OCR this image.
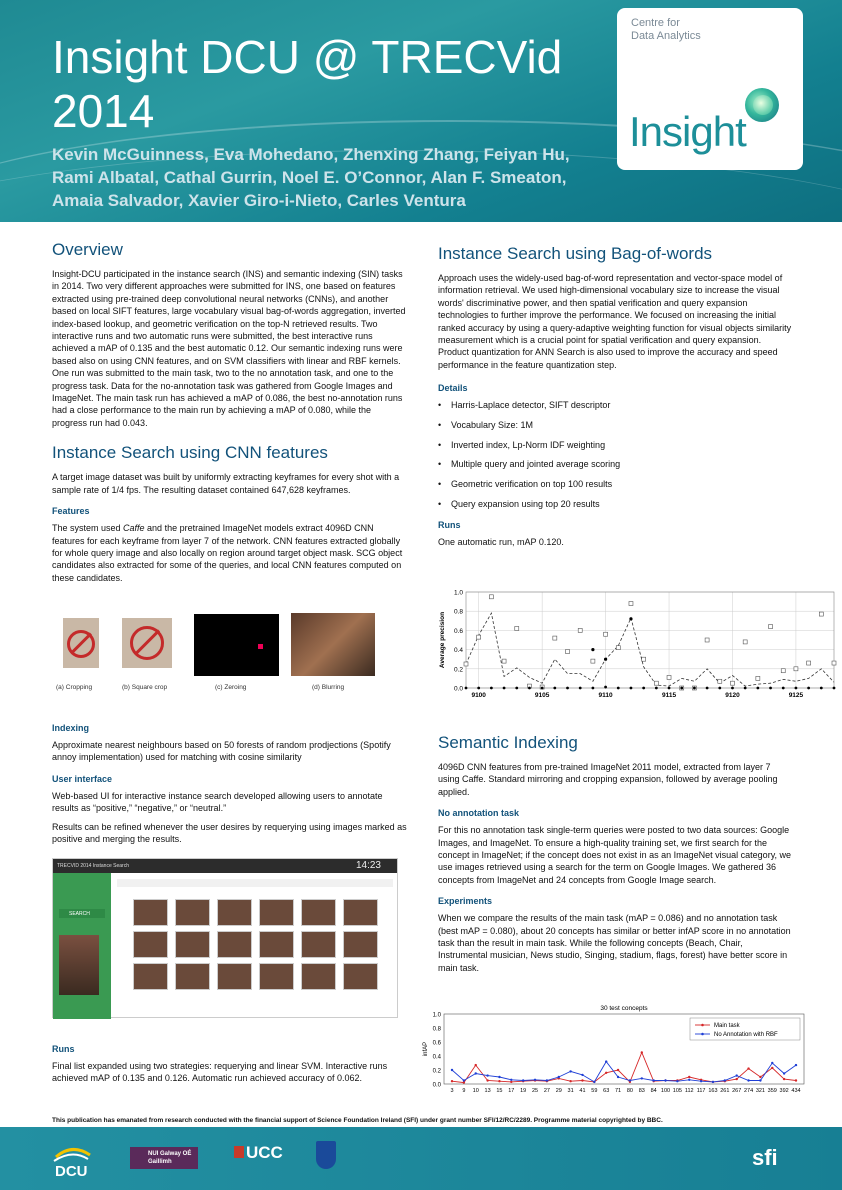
Insight DCU @ TRECVid 2014
Kevin McGuinness, Eva Mohedano, Zhenxing Zhang, Feiyan Hu, Rami Albatal, Cathal Gurrin, Noel E. O’Connor, Alan F. Smeaton, Amaia Salvador, Xavier Giro-i-Nieto, Carles Ventura
Centre for
Data Analytics
Insight
Overview

Insight-DCU participated in the instance search (INS) and semantic indexing (SIN) tasks in 2014. Two very different approaches were submitted for INS, one based on features extracted using pre-trained deep convolutional neural networks (CNNs), and another based on local SIFT features, large vocabulary visual bag-of-words aggregation, inverted index-based lookup, and geometric verification on the top-N retrieved results. Two interactive runs and two automatic runs were submitted, the best interactive runs achieved a mAP of 0.135 and the best automatic 0.12. Our semantic indexing runs were based also on using CNN features, and on SVM classifiers with linear and RBF kernels. One run was submitted to the main task, two to the no annotation task, and one to the progress task. Data for the no-annotation task was gathered from Google Images and ImageNet. The main task run has achieved a mAP of 0.086, the best no-annotation runs had a close performance to the main run by achieving a mAP of 0.080, while the progress run had 0.043.

Instance Search using CNN features

A target image dataset was built by uniformly extracting keyframes for every shot with a sample rate of 1/4 fps. The resulting dataset contained 647,628 keyframes.

Features

The system used Caffe and the pretrained ImageNet models extract 4096D CNN features for each keyframe from layer 7 of the network. CNN features extracted globally for whole query image and also locally on region around target object mask. SCG object candidates also extracted for some of the queries, and local CNN features computed on these candidates.

(a) Cropping	(b) Square crop	(c) Zeroing	(d) Blurring
Indexing

Approximate nearest neighbours based on 50 forests of random prodjections (Spotify annoy implementation) used for matching with cosine similarity

User interface

Web-based UI for interactive instance search developed allowing users to annotate results as “positive,” “negative,” or “neutral.”

Results can be refined whenever the user desires by requerying using images marked as positive and merging the results.

TRECVID 2014 Instance Search	14:23
SEARCH
Runs

Final list expanded using two strategies: requerying and linear SVM. Interactive runs achieved mAP of 0.135 and 0.126. Automatic run achieved accuracy of 0.062.

Instance Search using Bag-of-words

Approach uses the widely-used bag-of-word representation and vector-space model of information retrieval. We used high-dimensional vocabulary size to increase the visual words' discriminative power, and then spatial verification and query expansion technologies to further improve the performance. We focused on increasing the initial ranked accuracy by using a query-adaptive weighting function for visual objects similarity measurement which is a crucial point for spatial verification and query expansion. Product quantization for ANN Search is also used to improve the accuracy and speed performance in the feature quantization step.

Details
• Harris-Laplace detector, SIFT descriptor
• Vocabulary Size: 1M
• Inverted index, Lp-Norm IDF weighting
• Multiple query and jointed average scoring
• Geometric verification on top 100 results
• Query expansion using top 20 results
Runs

One automatic run, mAP 0.120.

0.0
0.2
0.4
0.6
0.8
1.0
9100	9105	9110	9115	9120	9125
Average precision
Semantic Indexing

4096D CNN features from pre-trained ImageNet 2011 model, extracted from layer 7 using Caffe. Standard mirroring and cropping expansion, followed by average pooling applied.

No annotation task

For this no annotation task single-term queries were posted to two data sources: Google Images, and ImageNet. To ensure a high-quality training set, we first search for the concept in ImageNet; if the concept does not exist in as an ImageNet visual category, we use images retrieved using a search for the term on Google Images. We gathered 36 concepts from ImageNet and 24 concepts from Google Image search.

Experiments

When we compare the results of the main task (mAP = 0.086) and no annotation task (best mAP = 0.080), about 20 concepts has similar or better infAP score in no annotation task than the result in main task. While the following concepts (Beach, Chair, Instrumental musician, News studio, Singing, stadium, flags, forest) have better score in main task.

30 test concepts
0.0
0.2
0.4
0.6
0.8
1.0
3 9 10 13 15 17 19 25 27 29 31 41 59 63 71 80 83 84 100 105 112 117 163 261 267 274 321 359 392 434
infAP
Main task
No Annotation with RBF
This publication has emanated from research conducted with the financial support of Science Foundation Ireland (SFI) under grant number SFI/12/RC/2289. Programme material copyrighted by BBC.
DCU
NUI Galway OÉ Gaillimh	UCC	sfi
